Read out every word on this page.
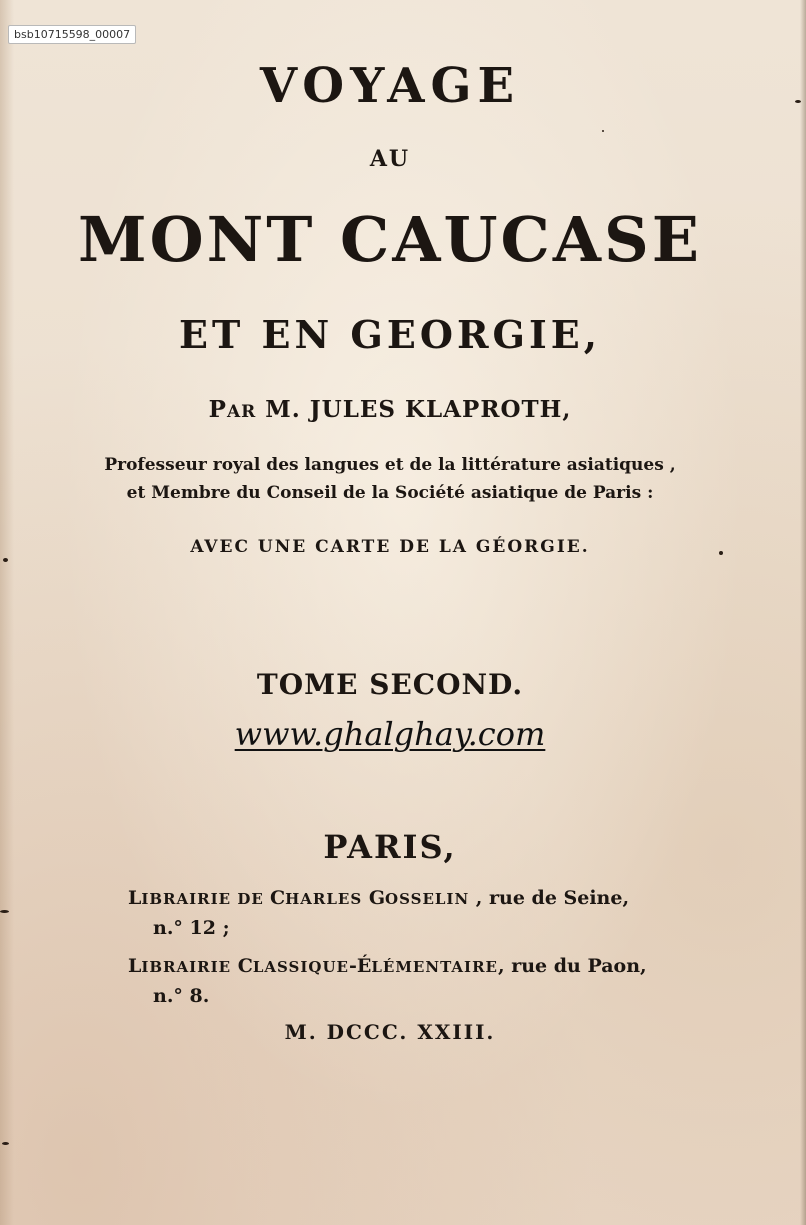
bsb10715598_00007
VOYAGE
AU
MONT CAUCASE
ET EN GEORGIE,
PAR M. JULES KLAPROTH,
Professeur royal des langues et de la littérature asiatiques ,
et Membre du Conseil de la Société asiatique de Paris :
AVEC UNE CARTE DE LA GÉORGIE.
TOME SECOND.
www.ghalghay.com
PARIS,
LIBRAIRIE DE CHARLES GOSSELIN , rue de Seine,
n.° 12 ;
LIBRAIRIE CLASSIQUE-ÉLÉMENTAIRE, rue du Paon,
n.° 8.
M. DCCC. XXIII.
